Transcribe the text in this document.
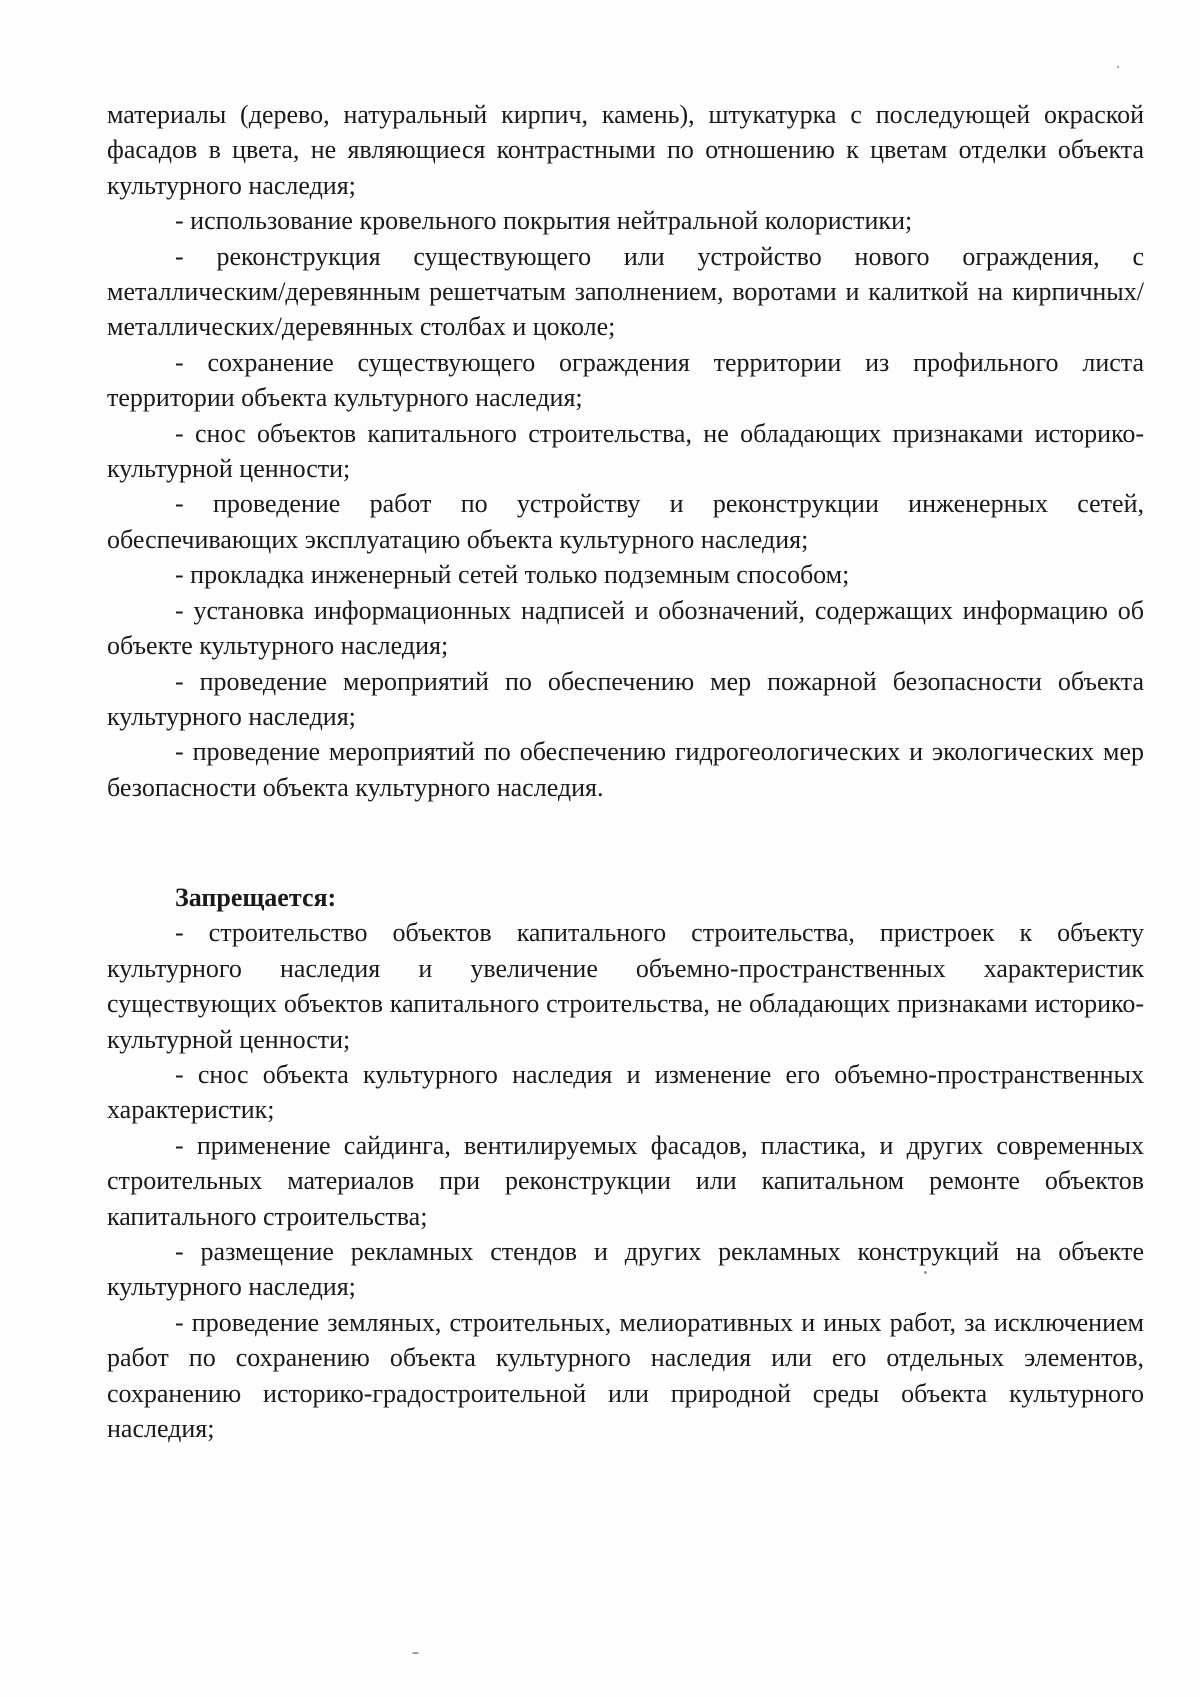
материалы (дерево, натуральный кирпич, камень), штукатурка с последующей окраской фасадов в цвета, не являющиеся контрастными по отношению к цветам отделки объекта культурного наследия;

- использование кровельного покрытия нейтральной колористики;

- реконструкция существующего или устройство нового ограждения, с металлическим/деревянным решетчатым заполнением, воротами и калиткой на кирпичных/металлических/деревянных столбах и цоколе;

- сохранение существующего ограждения территории из профильного листа территории объекта культурного наследия;

- снос объектов капитального строительства, не обладающих признаками историко-культурной ценности;

- проведение работ по устройству и реконструкции инженерных сетей, обеспечивающих эксплуатацию объекта культурного наследия;

- прокладка инженерный сетей только подземным способом;

- установка информационных надписей и обозначений, содержащих информацию об объекте культурного наследия;

- проведение мероприятий по обеспечению мер пожарной безопасности объекта культурного наследия;

- проведение мероприятий по обеспечению гидрогеологических и экологических мер безопасности объекта культурного наследия.

Запрещается:

- строительство объектов капитального строительства, пристроек к объекту культурного наследия и увеличение объемно-пространственных характеристик существующих объектов капитального строительства, не обладающих признаками историко-культурной ценности;

- снос объекта культурного наследия и изменение его объемно-пространственных характеристик;

- применение сайдинга, вентилируемых фасадов, пластика, и других современных строительных материалов при реконструкции или капитальном ремонте объектов капитального строительства;

- размещение рекламных стендов и других рекламных конструкций на объекте культурного наследия;

- проведение земляных, строительных, мелиоративных и иных работ, за исключением работ по сохранению объекта культурного наследия или его отдельных элементов, сохранению историко-градостроительной или природной среды объекта культурного наследия;
